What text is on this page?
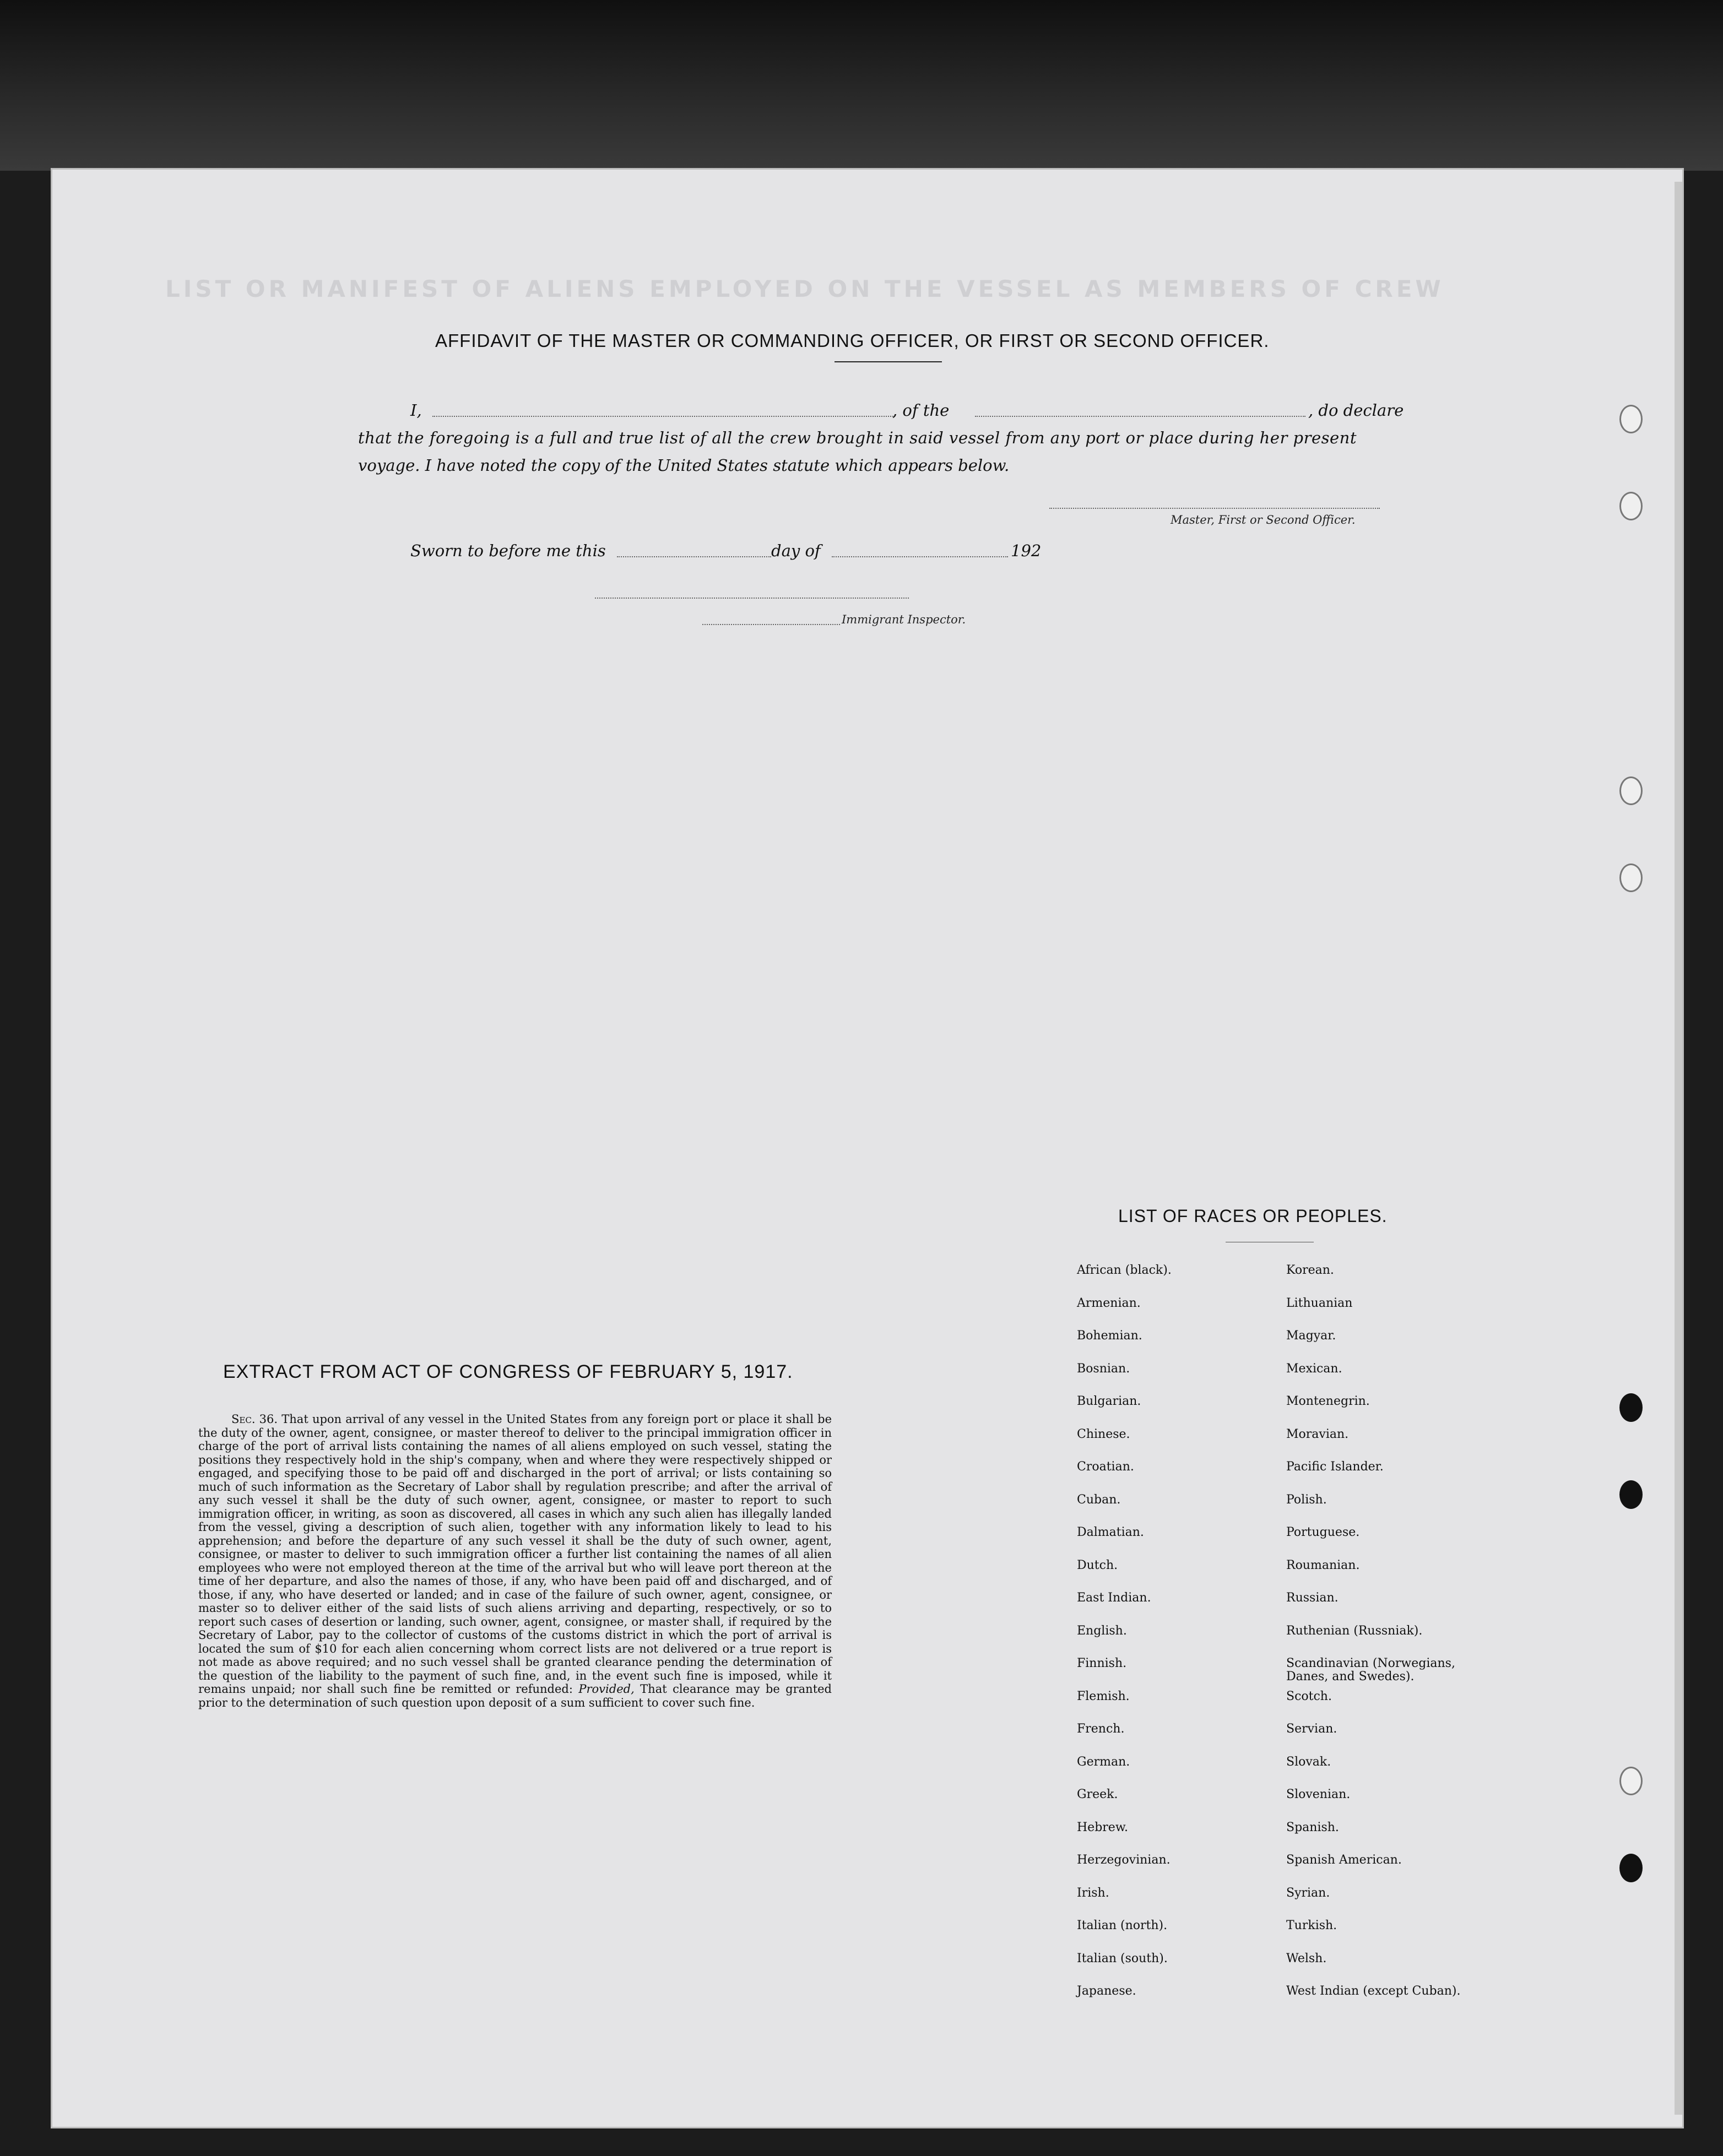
LIST OR MANIFEST OF ALIENS EMPLOYED ON THE VESSEL AS MEMBERS OF CREW
AFFIDAVIT OF THE MASTER OR COMMANDING OFFICER, OR FIRST OR SECOND OFFICER.
I,	, of the	, do declare
that the foregoing is a full and true list of all the crew brought in said vessel from any port or place during her present
voyage. I have noted the copy of the United States statute which appears below.
Master, First or Second Officer.
Sworn to before me this	day of	192
Immigrant Inspector.
EXTRACT FROM ACT OF CONGRESS OF FEBRUARY 5, 1917.
Sec. 36. That upon arrival of any vessel in the United States from any foreign port or place it shall be the duty of the owner, agent, consignee, or master thereof to deliver to the principal immigration officer in charge of the port of arrival lists containing the names of all aliens employed on such vessel, stating the positions they respectively hold in the ship's company, when and where they were respectively shipped or engaged, and specifying those to be paid off and discharged in the port of arrival; or lists containing so much of such information as the Secretary of Labor shall by regulation prescribe; and after the arrival of any such vessel it shall be the duty of such owner, agent, consignee, or master to report to such immigration officer, in writing, as soon as discovered, all cases in which any such alien has illegally landed from the vessel, giving a description of such alien, together with any information likely to lead to his apprehension; and before the departure of any such vessel it shall be the duty of such owner, agent, consignee, or master to deliver to such immigration officer a further list containing the names of all alien employees who were not employed thereon at the time of the arrival but who will leave port thereon at the time of her departure, and also the names of those, if any, who have been paid off and discharged, and of those, if any, who have deserted or landed; and in case of the failure of such owner, agent, consignee, or master so to deliver either of the said lists of such aliens arriving and departing, respectively, or so to report such cases of desertion or landing, such owner, agent, consignee, or master shall, if required by the Secretary of Labor, pay to the collector of customs of the customs district in which the port of arrival is located the sum of $10 for each alien concerning whom correct lists are not delivered or a true report is not made as above required; and no such vessel shall be granted clearance pending the determination of the question of the liability to the payment of such fine, and, in the event such fine is imposed, while it remains unpaid; nor shall such fine be remitted or refunded: Provided, That clearance may be granted prior to the determination of such question upon deposit of a sum sufficient to cover such fine.
LIST OF RACES OR PEOPLES.
African (black).	Korean.
Armenian.	Lithuanian
Bohemian.	Magyar.
Bosnian.	Mexican.
Bulgarian.	Montenegrin.
Chinese.	Moravian.
Croatian.	Pacific Islander.
Cuban.	Polish.
Dalmatian.	Portuguese.
Dutch.	Roumanian.
East Indian.	Russian.
English.	Ruthenian (Russniak).
Finnish.	Scandinavian (Norwegians, Danes, and Swedes).
Flemish.	Scotch.
French.	Servian.
German.	Slovak.
Greek.	Slovenian.
Hebrew.	Spanish.
Herzegovinian.	Spanish American.
Irish.	Syrian.
Italian (north).	Turkish.
Italian (south).	Welsh.
Japanese.	West Indian (except Cuban).
